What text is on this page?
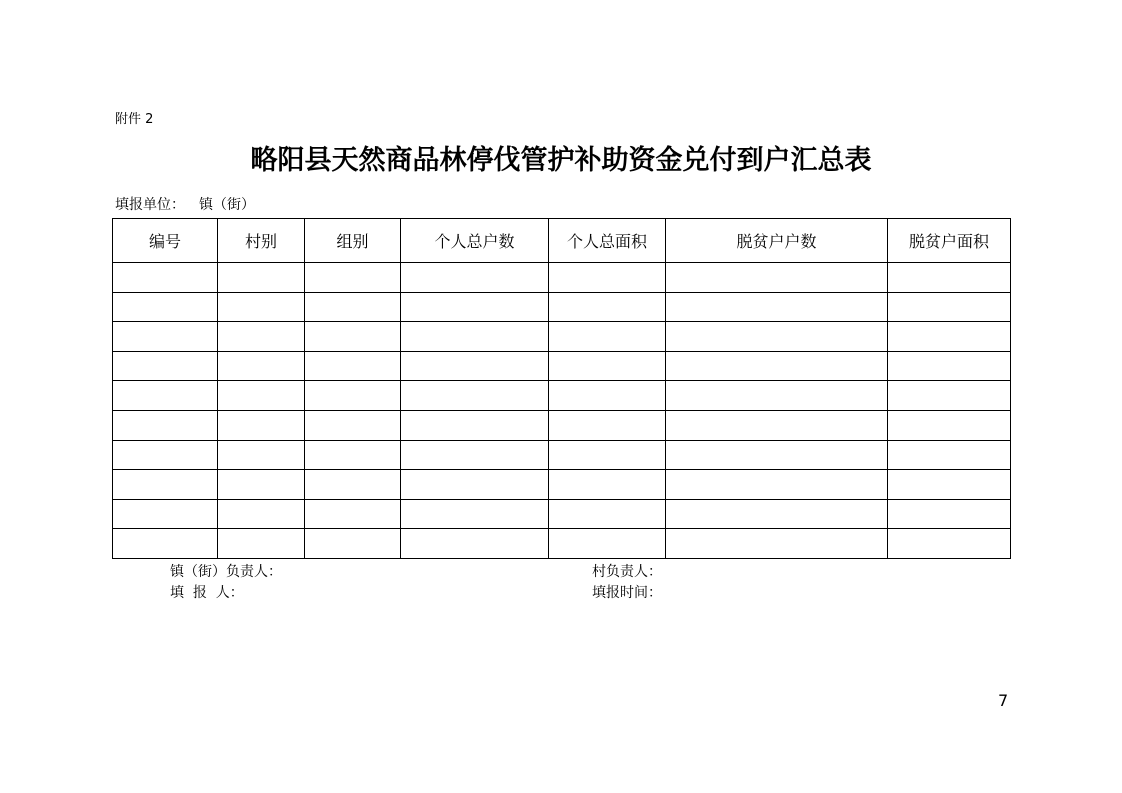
附件 2
略阳县天然商品林停伐管护补助资金兑付到户汇总表
填报单位： 镇（街）
编号	村别	组别	个人总户数	个人总面积	脱贫户户数	脱贫户面积

镇（街）负责人：	村负责人：
填  报  人：	填报时间：
7
